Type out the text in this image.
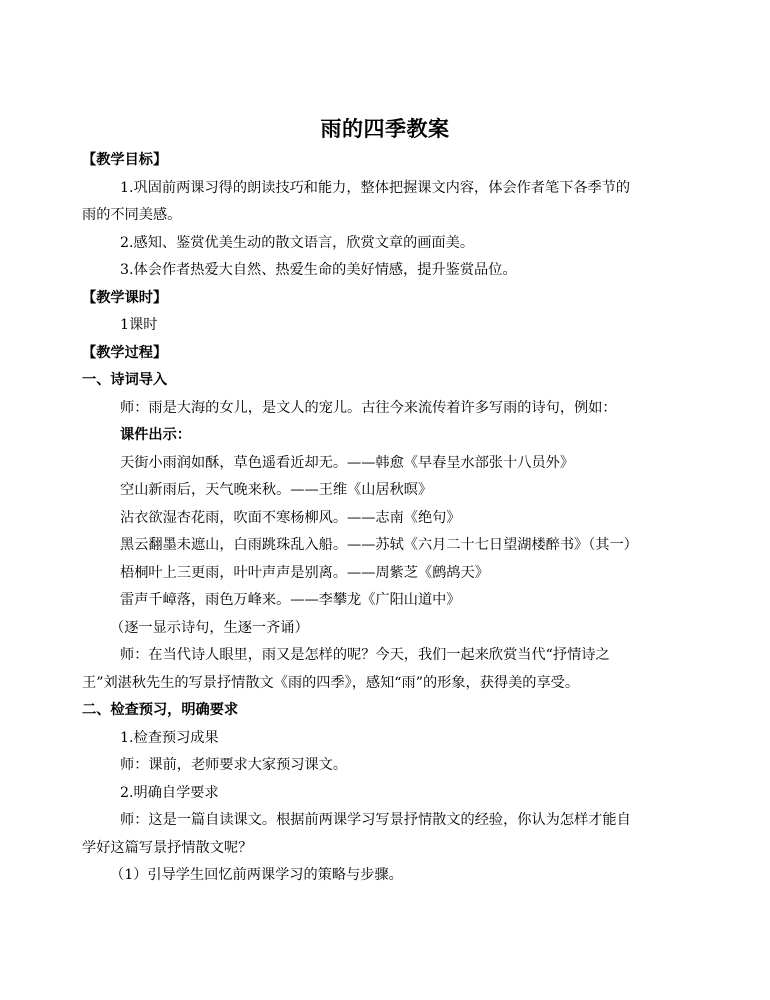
雨的四季教案
【教学目标】
1.巩固前两课习得的朗读技巧和能力，整体把握课文内容，体会作者笔下各季节的
雨的不同美感。
2.感知、鉴赏优美生动的散文语言，欣赏文章的画面美。
3.体会作者热爱大自然、热爱生命的美好情感，提升鉴赏品位。
【教学课时】
1课时
【教学过程】
一、诗词导入
师：雨是大海的女儿，是文人的宠儿。古往今来流传着许多写雨的诗句，例如：
课件出示：
天街小雨润如酥，草色遥看近却无。——韩愈《早春呈水部张十八员外》
空山新雨后，天气晚来秋。——王维《山居秋暝》
沾衣欲湿杏花雨，吹面不寒杨柳风。——志南《绝句》
黑云翻墨未遮山，白雨跳珠乱入船。——苏轼《六月二十七日望湖楼醉书》（其一）
梧桐叶上三更雨，叶叶声声是别离。——周紫芝《鹧鸪天》
雷声千嶂落，雨色万峰来。——李攀龙《广阳山道中》
（逐一显示诗句，生逐一齐诵）
师：在当代诗人眼里，雨又是怎样的呢？今天，我们一起来欣赏当代“抒情诗之
王”刘湛秋先生的写景抒情散文《雨的四季》，感知“雨”的形象，获得美的享受。
二、检查预习，明确要求
1.检查预习成果
师：课前，老师要求大家预习课文。
2.明确自学要求
师：这是一篇自读课文。根据前两课学习写景抒情散文的经验，你认为怎样才能自
学好这篇写景抒情散文呢？
（1）引导学生回忆前两课学习的策略与步骤。
